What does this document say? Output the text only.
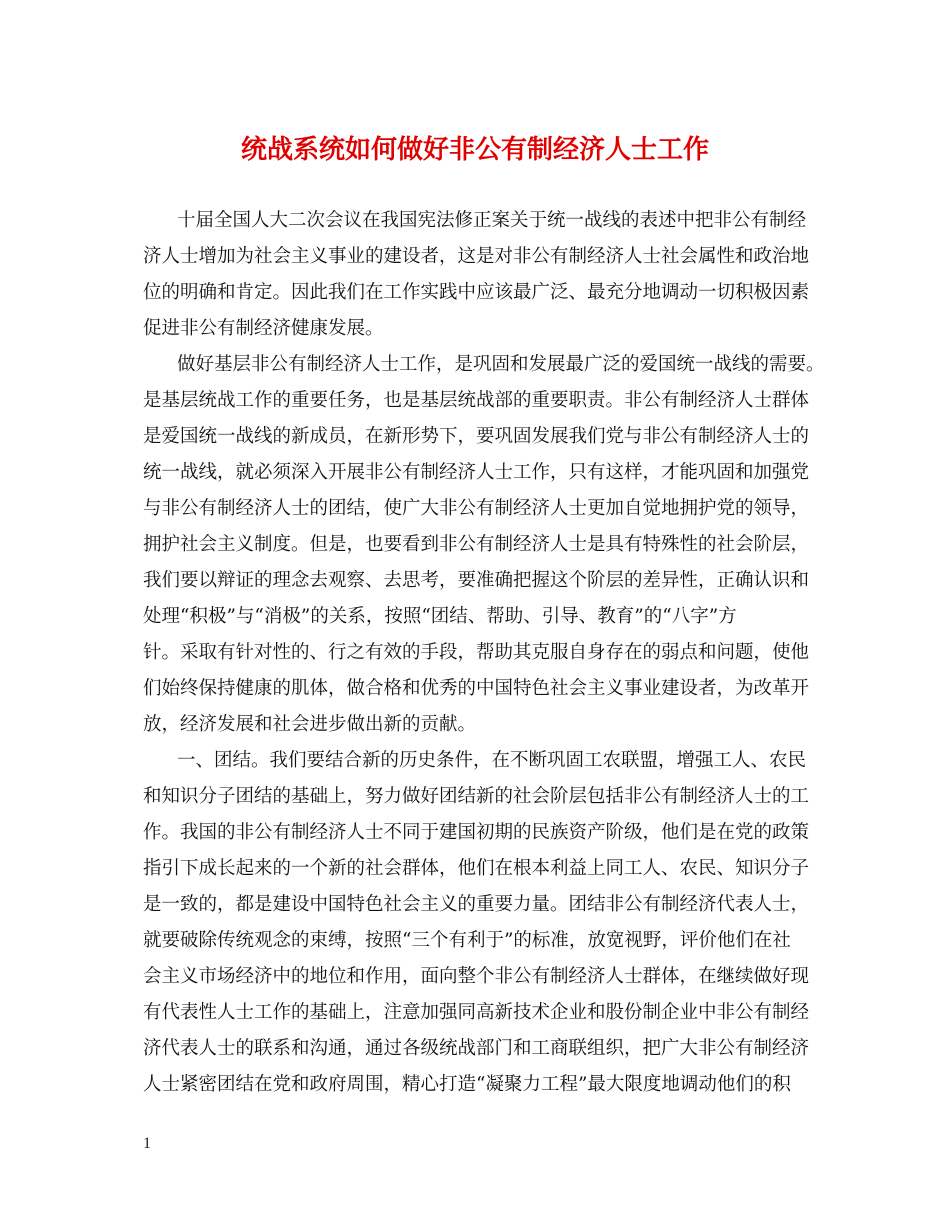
统战系统如何做好非公有制经济人士工作

十届全国人大二次会议在我国宪法修正案关于统一战线的表述中把非公有制经

济人士增加为社会主义事业的建设者，这是对非公有制经济人士社会属性和政治地

位的明确和肯定。因此我们在工作实践中应该最广泛、最充分地调动一切积极因素

促进非公有制经济健康发展。

做好基层非公有制经济人士工作，是巩固和发展最广泛的爱国统一战线的需要。

是基层统战工作的重要任务，也是基层统战部的重要职责。非公有制经济人士群体

是爱国统一战线的新成员，在新形势下，要巩固发展我们党与非公有制经济人士的

统一战线，就必须深入开展非公有制经济人士工作，只有这样，才能巩固和加强党

与非公有制经济人士的团结，使广大非公有制经济人士更加自觉地拥护党的领导，

拥护社会主义制度。但是，也要看到非公有制经济人士是具有特殊性的社会阶层，

我们要以辩证的理念去观察、去思考，要准确把握这个阶层的差异性，正确认识和

处理“积极”与“消极”的关系，按照“团结、帮助、引导、教育”的“八字”方

针。采取有针对性的、行之有效的手段，帮助其克服自身存在的弱点和问题，使他

们始终保持健康的肌体，做合格和优秀的中国特色社会主义事业建设者，为改革开

放，经济发展和社会进步做出新的贡献。

一、团结。我们要结合新的历史条件，在不断巩固工农联盟，增强工人、农民

和知识分子团结的基础上，努力做好团结新的社会阶层包括非公有制经济人士的工

作。我国的非公有制经济人士不同于建国初期的民族资产阶级，他们是在党的政策

指引下成长起来的一个新的社会群体，他们在根本利益上同工人、农民、知识分子

是一致的，都是建设中国特色社会主义的重要力量。团结非公有制经济代表人士，

就要破除传统观念的束缚，按照“三个有利于”的标准，放宽视野，评价他们在社

会主义市场经济中的地位和作用，面向整个非公有制经济人士群体，在继续做好现

有代表性人士工作的基础上，注意加强同高新技术企业和股份制企业中非公有制经

济代表人士的联系和沟通，通过各级统战部门和工商联组织，把广大非公有制经济

人士紧密团结在党和政府周围，精心打造“凝聚力工程”最大限度地调动他们的积

1
